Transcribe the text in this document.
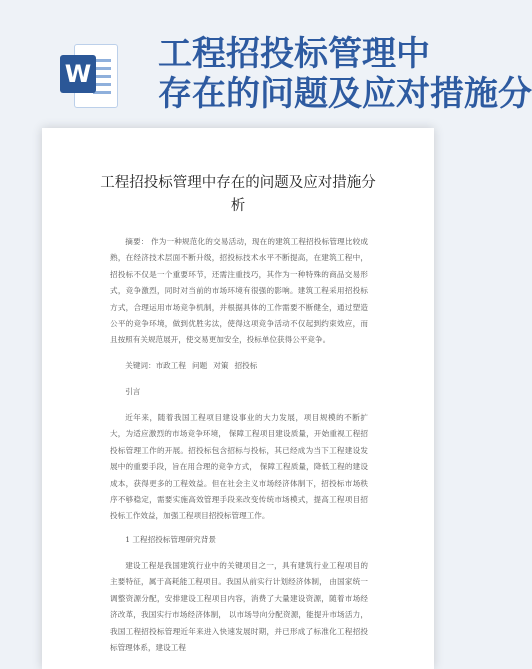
W 工程招投标管理中
存在的问题及应对措施分
工程招投标管理中存在的问题及应对措施分析

摘要： 作为一种规范化的交易活动，现在的建筑工程招投标管理比较成熟，在经济技术层面不断升级，招投标技术水平不断提高，在建筑工程中，招投标不仅是一个重要环节，还需注重技巧，其作为一种特殊的商品交易形式，竞争激烈，同时对当前的市场环境有很强的影响。建筑工程采用招投标方式，合理运用市场竞争机制，并根据具体的工作需要不断健全，通过塑造公平的竞争环境，做到优胜劣汰，使得这项竞争活动不仅起到约束效应，而且按照有关规范展开，使交易更加安全，投标单位获得公平竞争。

关键词：市政工程 问题 对策 招投标

引言

近年来，随着我国工程项目建设事业的大力发展，项目规模的不断扩大，为适应激烈的市场竞争环境， 保障工程项目建设质量，开始重视工程招投标管理工作的开展。招投标包含招标与投标，其已经成为当下工程建设发展中的重要手段，旨在用合理的竞争方式， 保障工程质量，降低工程的建设成本，获得更多的工程效益。但在社会主义市场经济体制下，招投标市场秩序不够稳定，需要实施高效管理手段来改变传统市场模式，提高工程项目招投标工作效益，加强工程项目招投标管理工作。

1 工程招投标管理研究背景

建设工程是我国建筑行业中的关键项目之一，具有建筑行业工程项目的主要特征，属于高耗能工程项目。我国从前实行计划经济体制， 由国家统一调整资源分配，安排建设工程项目内容，消费了大量建设资源，随着市场经济改革，我国实行市场经济体制， 以市场导向分配资源，能提升市场活力，我国工程招投标管理近年来进入快速发展时期，并已形成了标准化工程招投标管理体系，建设工程
